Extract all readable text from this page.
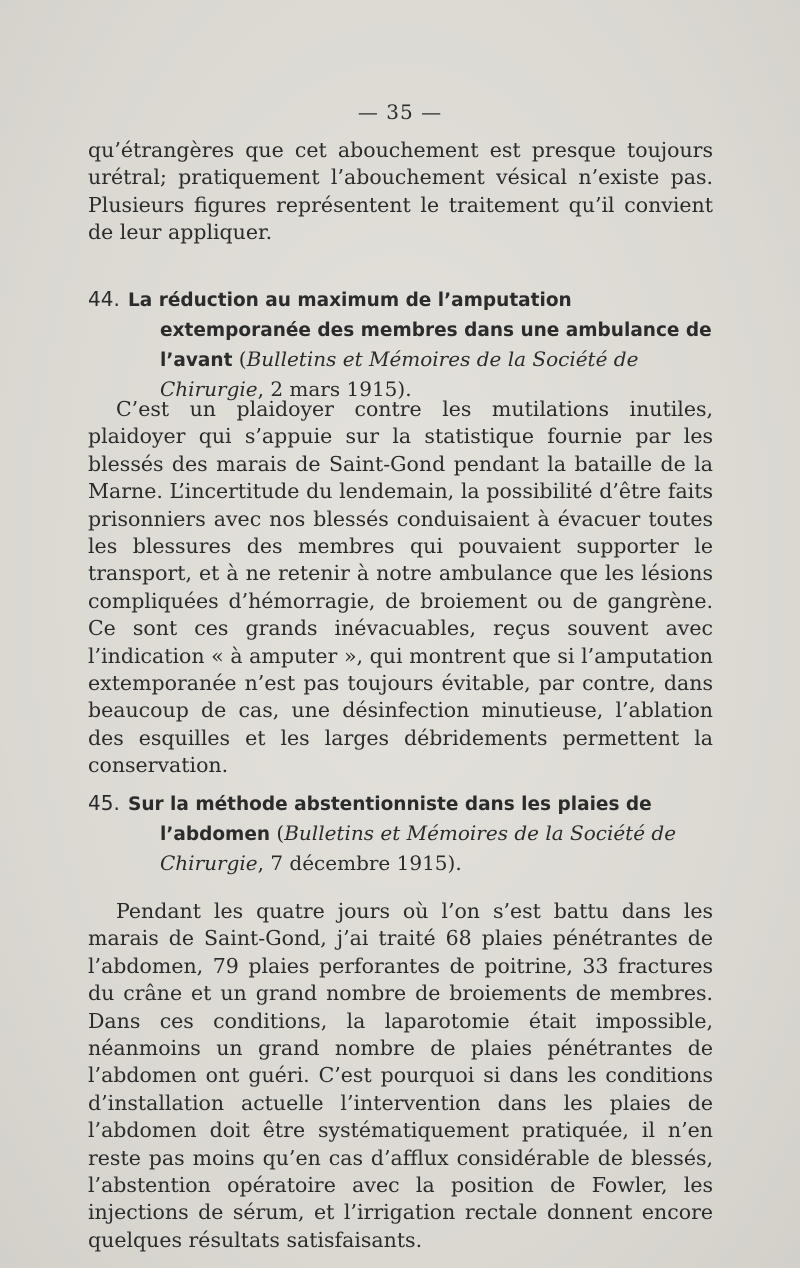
— 35 —

qu’étrangères que cet abouchement est presque toujours urétral; pratiquement l’abouchement vésical n’existe pas. Plusieurs figures représentent le traitement qu’il convient de leur appliquer.

44. La réduction au maximum de l’amputation extemporanée des membres dans une ambulance de l’avant (Bulletins et Mémoires de la Société de Chirurgie, 2 mars 1915).

C’est un plaidoyer contre les mutilations inutiles, plaidoyer qui s’appuie sur la statistique fournie par les blessés des marais de Saint-Gond pendant la bataille de la Marne. L’incertitude du lendemain, la possibilité d’être faits prisonniers avec nos blessés conduisaient à évacuer toutes les blessures des membres qui pouvaient supporter le transport, et à ne retenir à notre ambulance que les lésions compliquées d’hémorragie, de broiement ou de gangrène. Ce sont ces grands inévacuables, reçus souvent avec l’indication « à amputer », qui montrent que si l’amputation extemporanée n’est pas toujours évitable, par contre, dans beaucoup de cas, une désinfection minutieuse, l’ablation des esquilles et les larges débridements permettent la conservation.

45. Sur la méthode abstentionniste dans les plaies de l’abdomen (Bulletins et Mémoires de la Société de Chirurgie, 7 décembre 1915).

Pendant les quatre jours où l’on s’est battu dans les marais de Saint-Gond, j’ai traité 68 plaies pénétrantes de l’abdomen, 79 plaies perforantes de poitrine, 33 fractures du crâne et un grand nombre de broiements de membres. Dans ces conditions, la laparotomie était impossible, néanmoins un grand nombre de plaies pénétrantes de l’abdomen ont guéri. C’est pourquoi si dans les conditions d’installation actuelle l’intervention dans les plaies de l’abdomen doit être systématiquement pratiquée, il n’en reste pas moins qu’en cas d’afflux considérable de blessés, l’abstention opératoire avec la position de Fowler, les injections de sérum, et l’irrigation rectale donnent encore quelques résultats satisfaisants.
